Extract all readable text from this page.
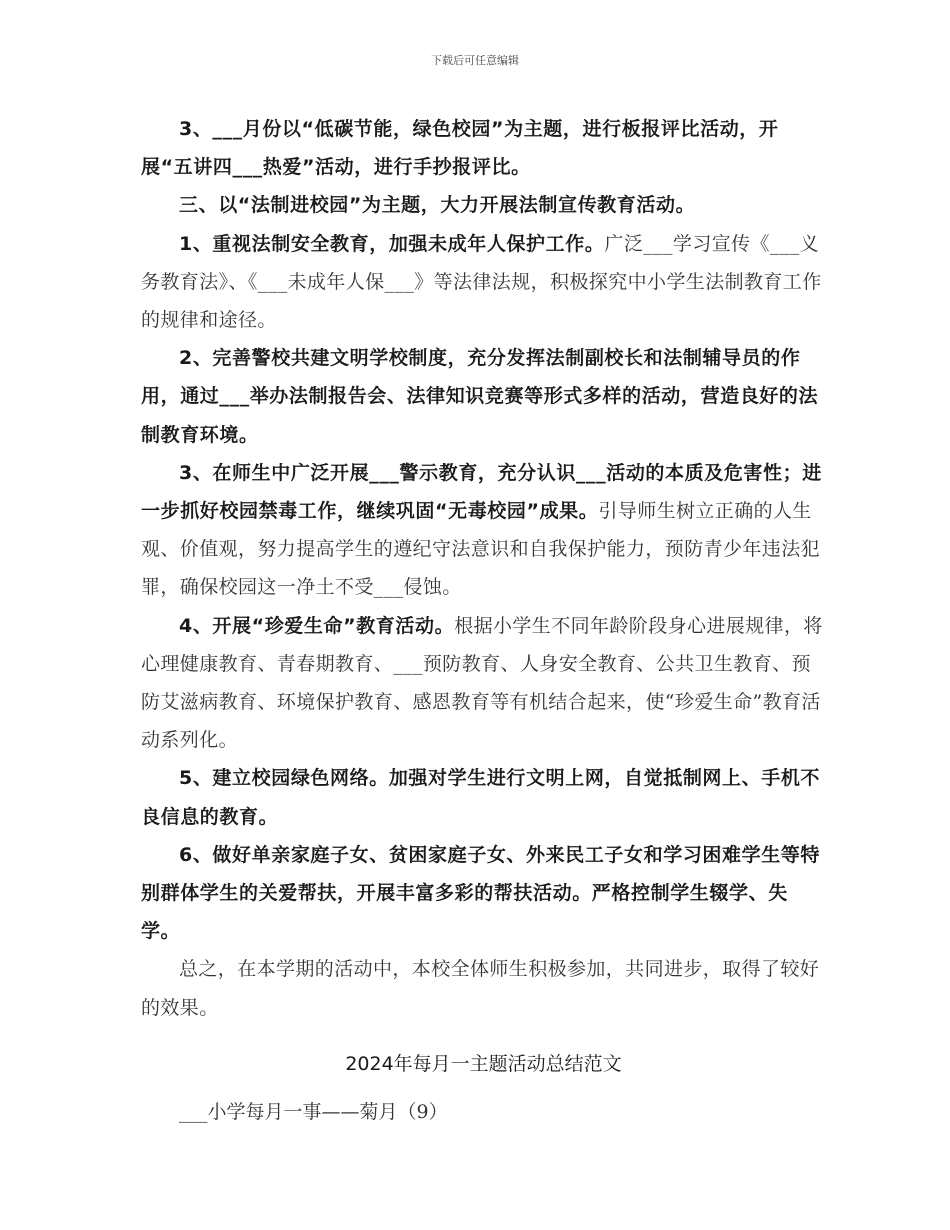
下载后可任意编辑

3、___月份以“低碳节能，绿色校园”为主题，进行板报评比活动，开展“五讲四___热爱”活动，进行手抄报评比。

三、以“法制进校园”为主题，大力开展法制宣传教育活动。

1、重视法制安全教育，加强未成年人保护工作。广泛___学习宣传《___义务教育法》、《___未成年人保___》等法律法规，积极探究中小学生法制教育工作的规律和途径。

2、完善警校共建文明学校制度，充分发挥法制副校长和法制辅导员的作用，通过___举办法制报告会、法律知识竞赛等形式多样的活动，营造良好的法制教育环境。

3、在师生中广泛开展___警示教育，充分认识___活动的本质及危害性；进一步抓好校园禁毒工作，继续巩固“无毒校园”成果。引导师生树立正确的人生观、价值观，努力提高学生的遵纪守法意识和自我保护能力，预防青少年违法犯罪，确保校园这一净土不受___侵蚀。

4、开展“珍爱生命”教育活动。根据小学生不同年龄阶段身心进展规律，将心理健康教育、青春期教育、___预防教育、人身安全教育、公共卫生教育、预防艾滋病教育、环境保护教育、感恩教育等有机结合起来，使“珍爱生命”教育活动系列化。

5、建立校园绿色网络。加强对学生进行文明上网，自觉抵制网上、手机不良信息的教育。

6、做好单亲家庭子女、贫困家庭子女、外来民工子女和学习困难学生等特别群体学生的关爱帮扶，开展丰富多彩的帮扶活动。严格控制学生辍学、失学。

总之，在本学期的活动中，本校全体师生积极参加，共同进步，取得了较好的效果。

2024年每月一主题活动总结范文

___小学每月一事——菊月（9）
